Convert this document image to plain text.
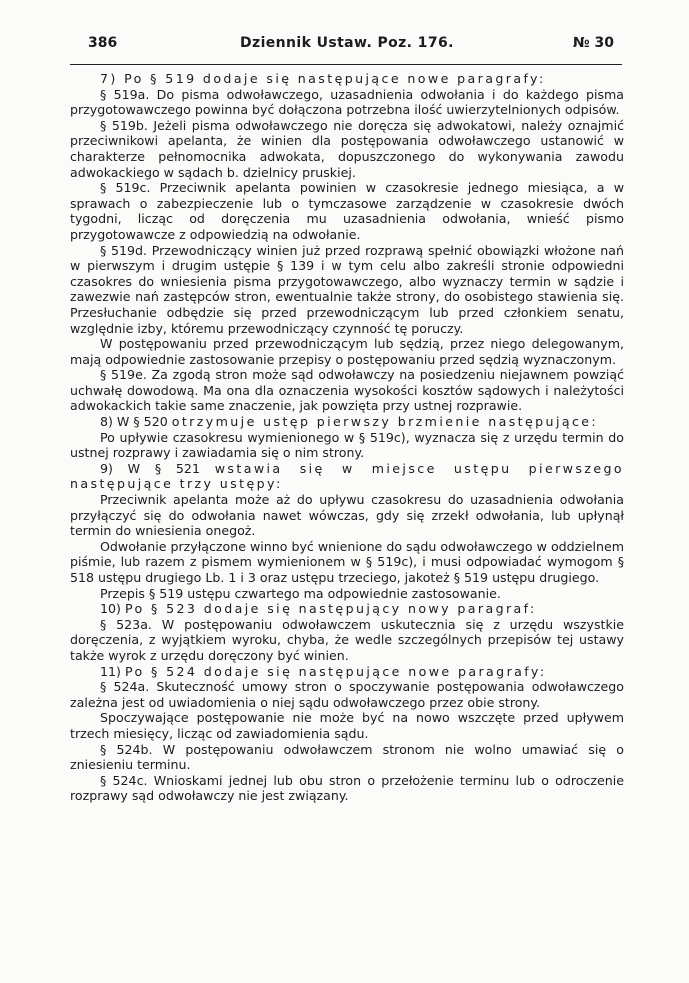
386	Dziennik Ustaw. Poz. 176.	№ 30

7) Po § 519 dodaje się następujące nowe paragrafy:

§ 519a. Do pisma odwoławczego, uzasadnienia odwołania i do każdego pisma przygotowawczego powinna być dołączona potrzebna ilość uwierzytelnionych odpisów.

§ 519b. Jeżeli pisma odwoławczego nie doręcza się adwokatowi, należy oznajmić przeciwnikowi apelanta, że winien dla postępowania odwoławczego ustanowić w charakterze pełnomocnika adwokata, dopuszczonego do wykonywania zawodu adwokackiego w sądach b. dzielnicy pruskiej.

§ 519c. Przeciwnik apelanta powinien w czasokresie jednego miesiąca, a w sprawach o zabezpieczenie lub o tymczasowe zarządzenie w czasokresie dwóch tygodni, licząc od doręczenia mu uzasadnienia odwołania, wnieść pismo przygotowawcze z odpowiedzią na odwołanie.

§ 519d. Przewodniczący winien już przed rozprawą spełnić obowiązki włożone nań w pierwszym i drugim ustępie § 139 i w tym celu albo zakreśli stronie odpowiedni czasokres do wniesienia pisma przygotowawczego, albo wyznaczy termin w sądzie i zawezwie nań zastępców stron, ewentualnie także strony, do osobistego stawienia się. Przesłuchanie odbędzie się przed przewodniczącym lub przed członkiem senatu, względnie izby, któremu przewodniczący czynność tę poruczy.

W postępowaniu przed przewodniczącym lub sędzią, przez niego delegowanym, mają odpowiednie zastosowanie przepisy o postępowaniu przed sędzią wyznaczonym.

§ 519e. Za zgodą stron może sąd odwoławczy na posiedzeniu niejawnem powziąć uchwałę dowodową. Ma ona dla oznaczenia wysokości kosztów sądowych i należytości adwokackich takie same znaczenie, jak powzięta przy ustnej rozprawie.

8) W § 520 otrzymuje ustęp pierwszy brzmienie następujące:

Po upływie czasokresu wymienionego w § 519c), wyznacza się z urzędu termin do ustnej rozprawy i zawiadamia się o nim strony.

9) W § 521 wstawia się w miejsce ustępu pierwszego następujące trzy ustępy:

Przeciwnik apelanta może aż do upływu czasokresu do uzasadnienia odwołania przyłączyć się do odwołania nawet wówczas, gdy się zrzekł odwołania, lub upłynął termin do wniesienia onegoż.

Odwołanie przyłączone winno być wnienione do sądu odwoławczego w oddzielnem piśmie, lub razem z pismem wymienionem w § 519c), i musi odpowiadać wymogom § 518 ustępu drugiego Lb. 1 i 3 oraz ustępu trzeciego, jakoteż § 519 ustępu drugiego.

Przepis § 519 ustępu czwartego ma odpowiednie zastosowanie.

10) Po § 523 dodaje się następujący nowy paragraf:

§ 523a. W postępowaniu odwoławczem uskutecznia się z urzędu wszystkie doręczenia, z wyjątkiem wyroku, chyba, że wedle szczególnych przepisów tej ustawy także wyrok z urzędu doręczony być winien.

11) Po § 524 dodaje się następujące nowe paragrafy:

§ 524a. Skuteczność umowy stron o spoczywanie postępowania odwoławczego zależna jest od uwiadomienia o niej sądu odwoławczego przez obie strony.

Spoczywające postępowanie nie może być na nowo wszczęte przed upływem trzech miesięcy, licząc od zawiadomienia sądu.

§ 524b. W postępowaniu odwoławczem stronom nie wolno umawiać się o zniesieniu terminu.

§ 524c. Wnioskami jednej lub obu stron o przełożenie terminu lub o odroczenie rozprawy sąd odwoławczy nie jest związany.
